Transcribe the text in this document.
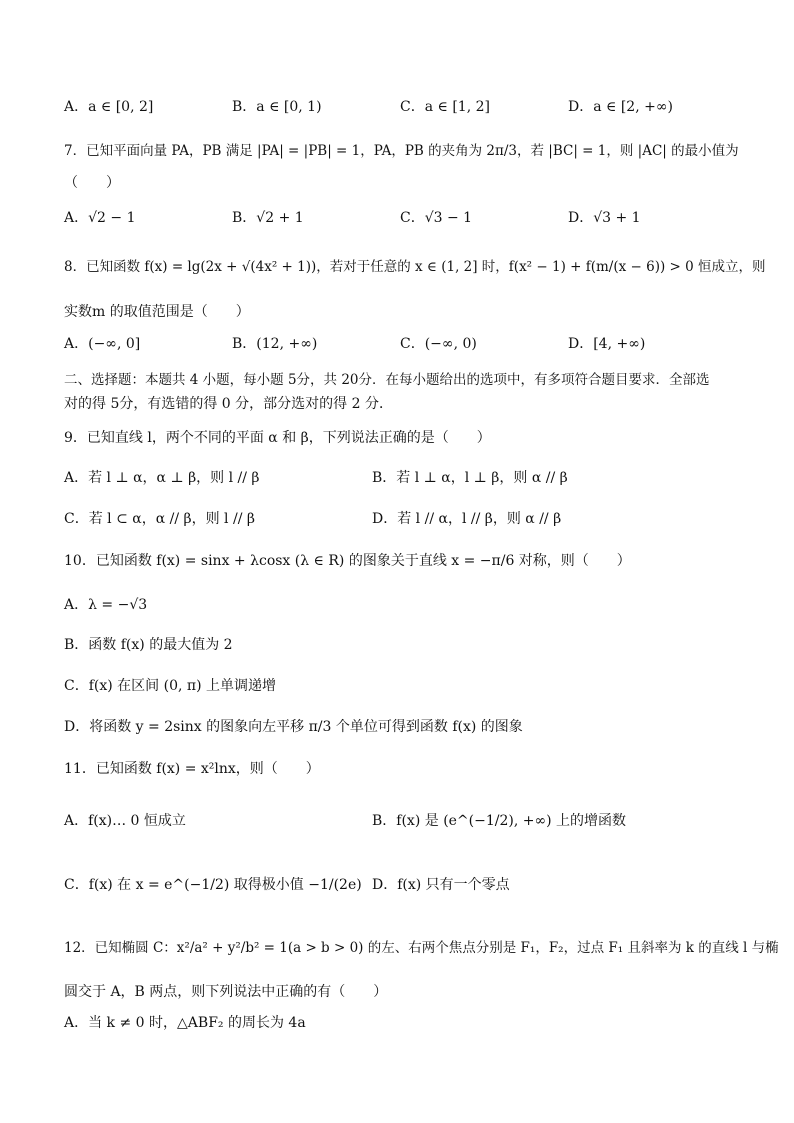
A．a ∈ [0, 2]	B．a ∈ [0, 1)	C．a ∈ [1, 2]	D．a ∈ [2, +∞)
7．已知平面向量 PA，PB 满足 |PA| = |PB| = 1，PA，PB 的夹角为 2π/3，若 |BC| = 1，则 |AC| 的最小值为
（　　）
A．√2 − 1	B．√2 + 1	C．√3 − 1	D．√3 + 1
8．已知函数 f(x) = lg(2x + √(4x² + 1))，若对于任意的 x ∈ (1, 2] 时，f(x² − 1) + f(m/(x − 6)) > 0 恒成立，则
实数m 的取值范围是（　　）
A．(−∞, 0]	B．(12, +∞)	C．(−∞, 0)	D．[4, +∞)
二、选择题：本题共 4 小题，每小题 5分，共 20分．在每小题给出的选项中，有多项符合题目要求．全部选
对的得 5分，有选错的得 0 分，部分选对的得 2 分．
9．已知直线 l，两个不同的平面 α 和 β，下列说法正确的是（　　）
A．若 l ⊥ α，α ⊥ β，则 l // β	B．若 l ⊥ α，l ⊥ β，则 α // β
C．若 l ⊂ α，α // β，则 l // β	D．若 l // α，l // β，则 α // β
10．已知函数 f(x) = sinx + λcosx (λ ∈ R) 的图象关于直线 x = −π/6 对称，则（　　）
A．λ = −√3
B．函数 f(x) 的最大值为 2
C．f(x) 在区间 (0, π) 上单调递增
D．将函数 y = 2sinx 的图象向左平移 π/3 个单位可得到函数 f(x) 的图象
11．已知函数 f(x) = x²lnx，则（　　）
A．f(x)… 0 恒成立	B．f(x) 是 (e^(−1/2), +∞) 上的增函数
C．f(x) 在 x = e^(−1/2) 取得极小值 −1/(2e) D．f(x) 只有一个零点
12．已知椭圆 C：x²/a² + y²/b² = 1(a > b > 0) 的左、右两个焦点分别是 F₁，F₂，过点 F₁ 且斜率为 k 的直线 l 与椭
圆交于 A，B 两点，则下列说法中正确的有（　　）
A．当 k ≠ 0 时，△ABF₂ 的周长为 4a
